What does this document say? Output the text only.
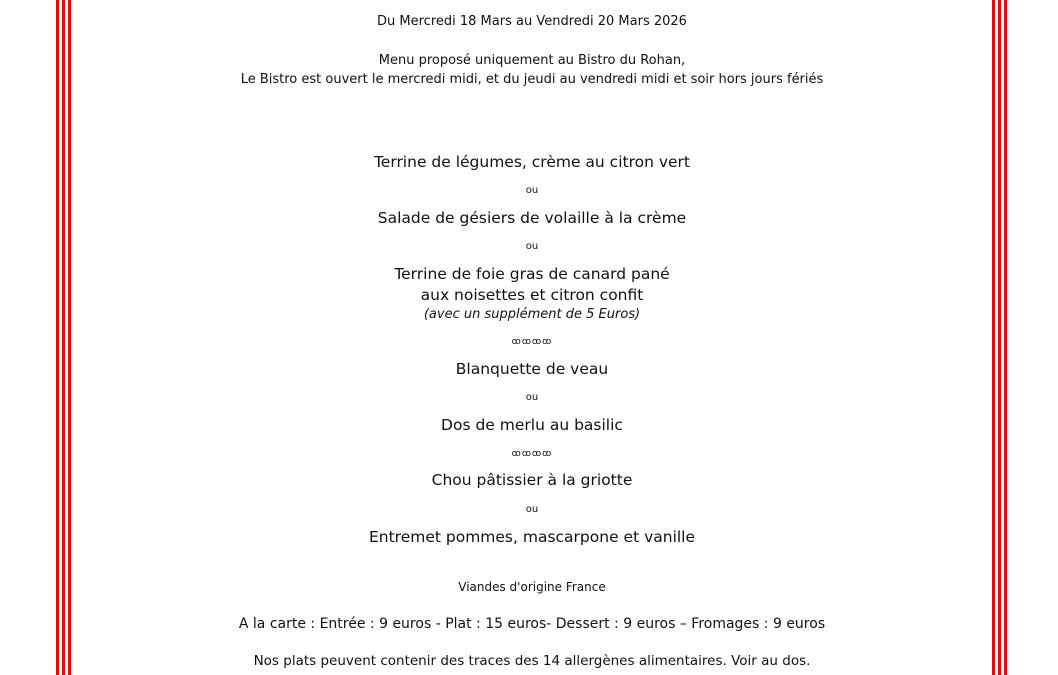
Du Mercredi 18 Mars au Vendredi 20 Mars 2026
Menu proposé uniquement au Bistro du Rohan,
Le Bistro est ouvert le mercredi midi, et du jeudi au vendredi midi et soir hors jours fériés
Terrine de légumes, crème au citron vert
ou
Salade de gésiers de volaille à la crème
ou
Terrine de foie gras de canard pané
aux noisettes et citron confit
(avec un supplément de 5 Euros)
ꝏꝏꝏꝏ
Blanquette de veau
ou
Dos de merlu au basilic
ꝏꝏꝏꝏ
Chou pâtissier à la griotte
ou
Entremet pommes, mascarpone et vanille
Viandes d'origine France
A la carte : Entrée : 9 euros - Plat : 15 euros- Dessert : 9 euros – Fromages : 9 euros
Nos plats peuvent contenir des traces des 14 allergènes alimentaires. Voir au dos.
